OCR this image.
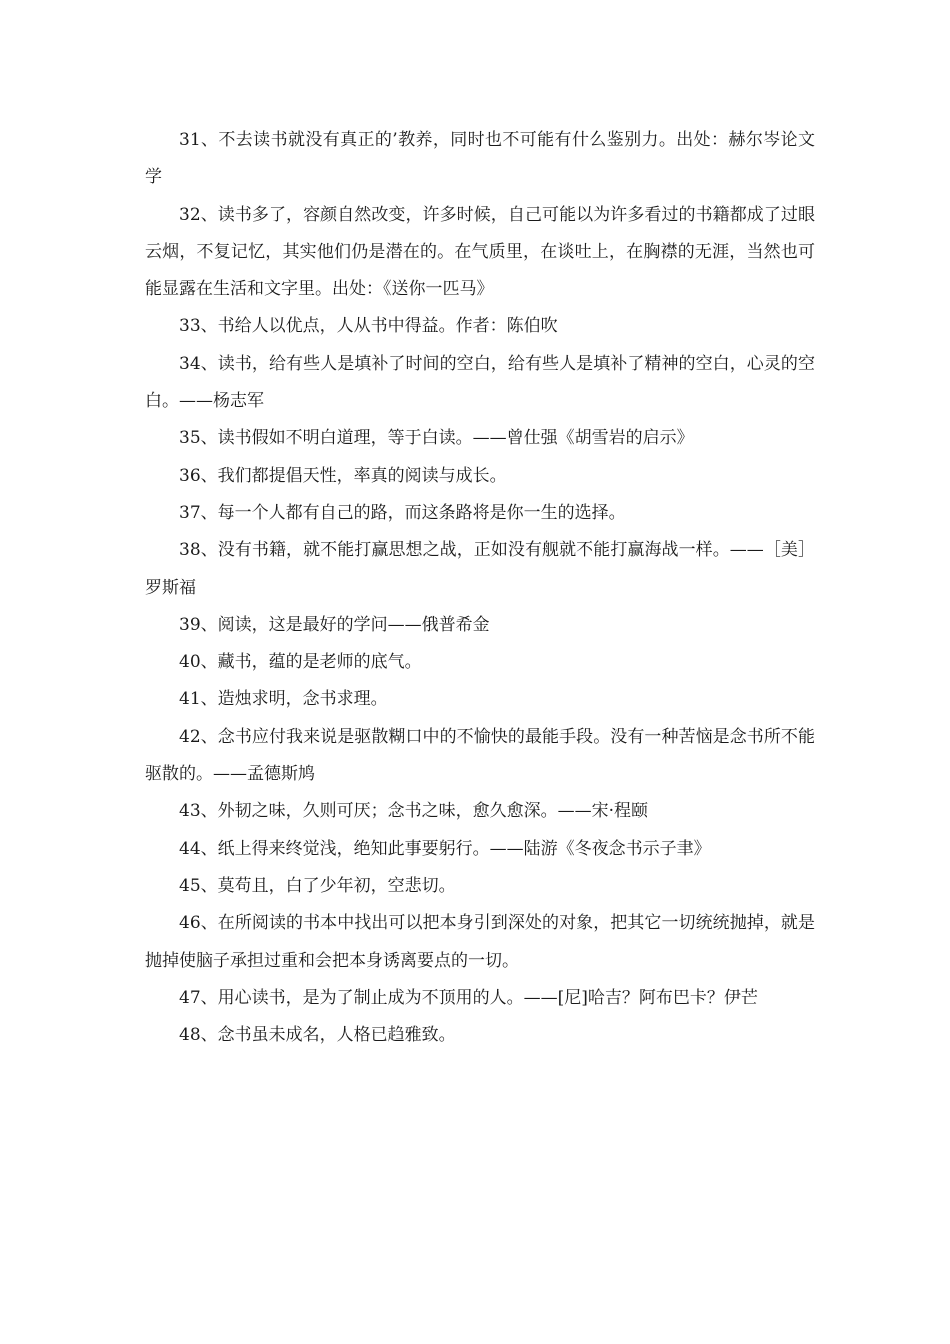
31、不去读书就没有真正的’教养，同时也不可能有什么鉴别力。出处：赫尔岑论文学

32、读书多了，容颜自然改变，许多时候，自己可能以为许多看过的书籍都成了过眼云烟，不复记忆，其实他们仍是潜在的。在气质里，在谈吐上，在胸襟的无涯，当然也可能显露在生活和文字里。出处：《送你一匹马》

33、书给人以优点，人从书中得益。作者：陈伯吹

34、读书，给有些人是填补了时间的空白，给有些人是填补了精神的空白，心灵的空白。——杨志军

35、读书假如不明白道理，等于白读。——曾仕强《胡雪岩的启示》

36、我们都提倡天性，率真的阅读与成长。

37、每一个人都有自己的路，而这条路将是你一生的选择。

38、没有书籍，就不能打赢思想之战，正如没有舰就不能打赢海战一样。——［美］罗斯福

39、阅读，这是最好的学问——俄普希金

40、藏书，蕴的是老师的底气。

41、造烛求明，念书求理。

42、念书应付我来说是驱散糊口中的不愉快的最能手段。没有一种苦恼是念书所不能驱散的。——孟德斯鸠

43、外韧之味，久则可厌；念书之味，愈久愈深。——宋·程颐

44、纸上得来终觉浅，绝知此事要躬行。——陆游《冬夜念书示子聿》

45、莫苟且，白了少年初，空悲切。

46、在所阅读的书本中找出可以把本身引到深处的对象，把其它一切统统抛掉，就是抛掉使脑子承担过重和会把本身诱离要点的一切。

47、用心读书，是为了制止成为不顶用的人。——[尼]哈吉？阿布巴卡？伊芒

48、念书虽未成名，人格已趋雅致。
